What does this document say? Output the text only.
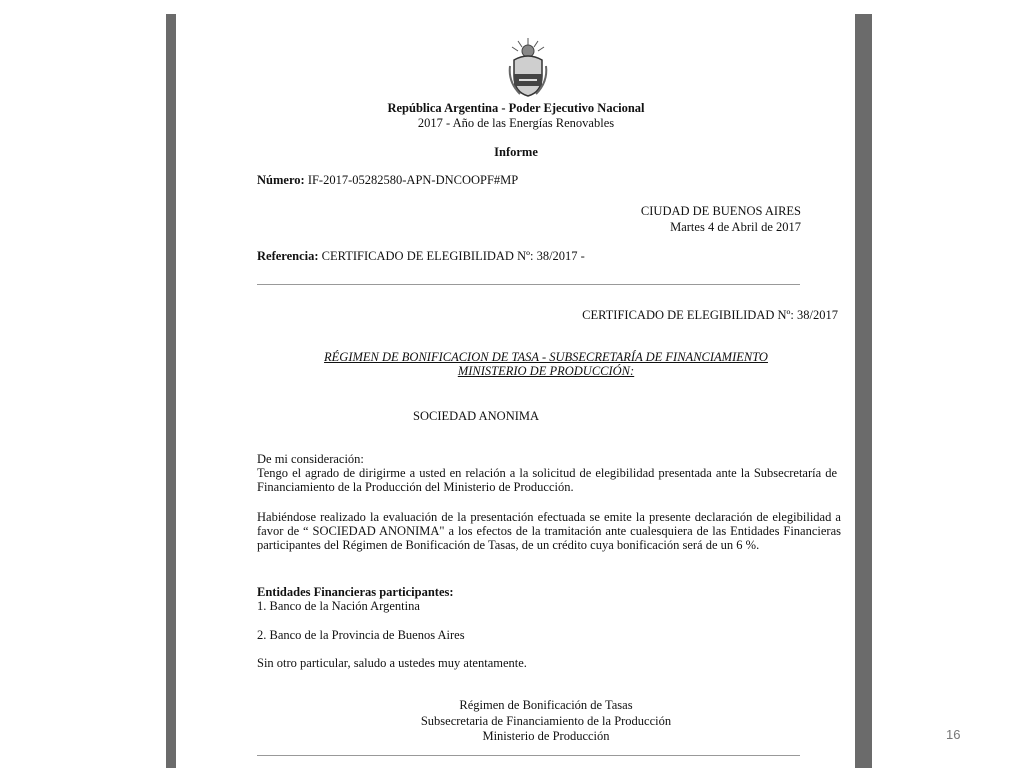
República Argentina - Poder Ejecutivo Nacional
2017 - Año de las Energías Renovables
Informe
Número: IF-2017-05282580-APN-DNCOOPF#MP
CIUDAD DE BUENOS AIRES
Martes 4 de Abril de 2017
Referencia: CERTIFICADO DE ELEGIBILIDAD Nº: 38/2017 -
CERTIFICADO DE ELEGIBILIDAD Nº: 38/2017
RÉGIMEN DE BONIFICACION DE TASA - SUBSECRETARÍA DE FINANCIAMIENTO
MINISTERIO DE PRODUCCIÓN:
SOCIEDAD ANONIMA
De mi consideración:

Tengo el agrado de dirigirme a usted en relación a la solicitud de elegibilidad presentada ante la Subsecretaría de Financiamiento de la Producción del Ministerio de Producción.

Habiéndose realizado la evaluación de la presentación efectuada se emite la presente declaración de elegibilidad a favor de “ SOCIEDAD ANONIMA" a los efectos de la tramitación ante cualesquiera de las Entidades Financieras participantes del Régimen de Bonificación de Tasas, de un crédito cuya bonificación será de un 6 %.

Entidades Financieras participantes:
1. Banco de la Nación Argentina
2. Banco de la Provincia de Buenos Aires
Sin otro particular, saludo a ustedes muy atentamente.
Régimen de Bonificación de Tasas
Subsecretaria de Financiamiento de la Producción
Ministerio de Producción	16
